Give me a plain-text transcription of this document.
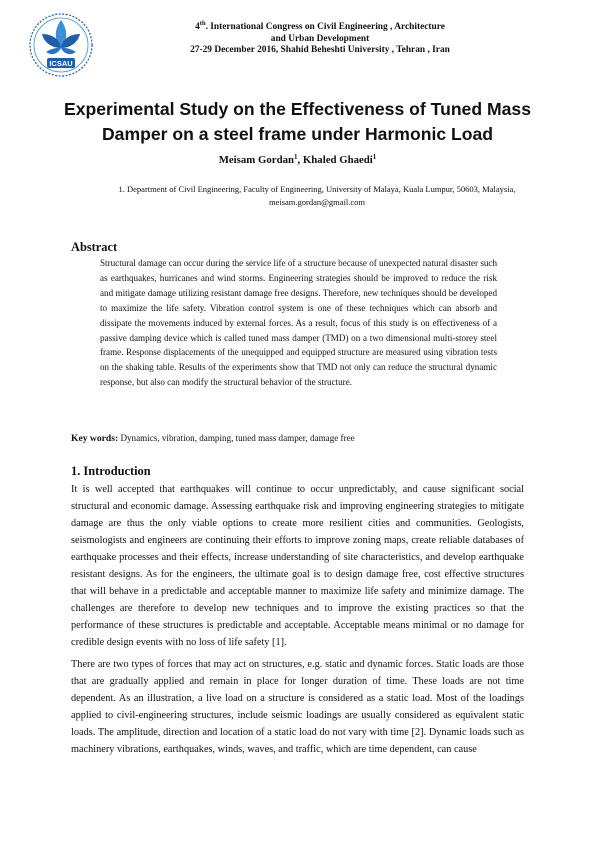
ICSAU
4th. International Congress on Civil Engineering , Architecture
and Urban Development
27-29 December 2016, Shahid Beheshti University , Tehran , Iran
Experimental Study on the Effectiveness of Tuned Mass Damper on a steel frame under Harmonic Load
Meisam Gordan$^1$, Khaled Ghaedi$^1$
1. Department of Civil Engineering, Faculty of Engineering, University of Malaya, Kuala Lumpur, 50603, Malaysia, meisam.gordan@gmail.com
Abstract

Structural damage can occur during the service life of a structure because of unexpected natural disaster such as earthquakes, hurricanes and wind storms. Engineering strategies should be improved to reduce the risk and mitigate damage utilizing resistant damage free designs. Therefore, new techniques should be developed to maximize the life safety. Vibration control system is one of these techniques which can absorb and dissipate the movements induced by external forces. As a result, focus of this study is on effectiveness of a passive damping device which is called tuned mass damper (TMD) on a two dimensional multi-storey steel frame. Response displacements of the unequipped and equipped structure are measured using vibration tests on the shaking table. Results of the experiments show that TMD not only can reduce the structural dynamic response, but also can modify the structural behavior of the structure.

Key words: Dynamics, vibration, damping, tuned mass damper, damage free
1. Introduction

It is well accepted that earthquakes will continue to occur unpredictably, and cause significant social structural and economic damage. Assessing earthquake risk and improving engineering strategies to mitigate damage are thus the only viable options to create more resilient cities and communities. Geologists, seismologists and engineers are continuing their efforts to improve zoning maps, create reliable databases of earthquake processes and their effects, increase understanding of site characteristics, and develop earthquake resistant designs. As for the engineers, the ultimate goal is to design damage free, cost effective structures that will behave in a predictable and acceptable manner to maximize life safety and minimize damage. The challenges are therefore to develop new techniques and to improve the existing practices so that the performance of these structures is predictable and acceptable. Acceptable means minimal or no damage for credible design events with no loss of life safety [1].

There are two types of forces that may act on structures, e.g. static and dynamic forces. Static loads are those that are gradually applied and remain in place for longer duration of time. These loads are not time dependent. As an illustration, a live load on a structure is considered as a static load. Most of the loadings applied to civil-engineering structures, include seismic loadings are usually considered as equivalent static loads. The amplitude, direction and location of a static load do not vary with time [2]. Dynamic loads such as machinery vibrations, earthquakes, winds, waves, and traffic, which are time dependent, can cause
